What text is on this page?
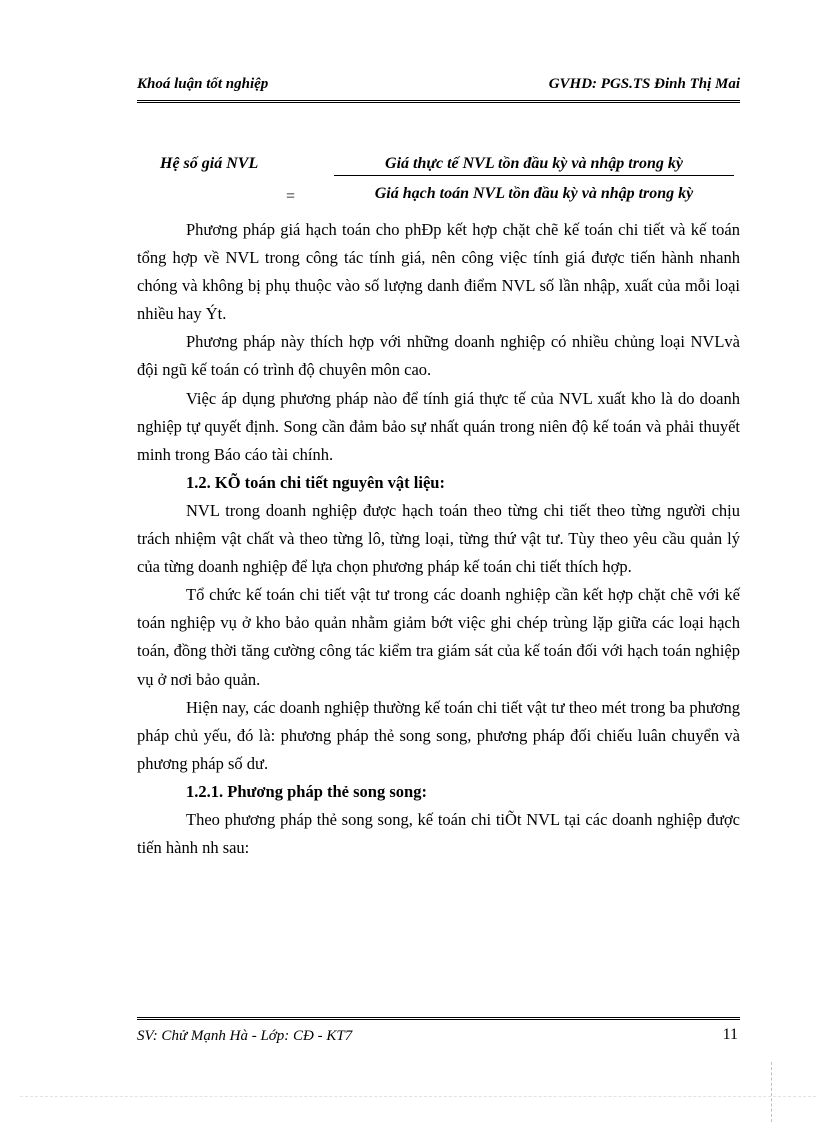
Khoá luận tốt nghiệp	GVHD: PGS.TS Đinh Thị Mai
Hệ số giá NVL	Giá thực tế NVL tồn đầu kỳ và nhập trong kỳ
=	Giá hạch toán NVL tồn đầu kỳ và nhập trong kỳ

Phương pháp giá hạch toán cho phĐp kết hợp chặt chẽ kế toán chi tiết và kế toán tổng hợp về NVL trong công tác tính giá, nên công việc tính giá được tiến hành nhanh chóng và không bị phụ thuộc vào số lượng danh điểm NVL số lần nhập, xuất của mỗi loại nhiều hay Ýt.

Phương pháp này thích hợp với những doanh nghiệp có nhiều chủng loại NVLvà đội ngũ kế toán có trình độ chuyên môn cao.

Việc áp dụng phương pháp nào để tính giá thực tế của NVL xuất kho là do doanh nghiệp tự quyết định. Song cần đảm bảo sự nhất quán trong niên độ kế toán và phải thuyết minh trong Báo cáo tài chính.

1.2. KÕ toán chi tiết nguyên vật liệu:

NVL trong doanh nghiệp được hạch toán theo từng chi tiết theo từng người chịu trách nhiệm vật chất và theo từng lô, từng loại, từng thứ vật tư. Tùy theo yêu cầu quản lý của từng doanh nghiệp để lựa chọn phương pháp kế toán chi tiết thích hợp.

Tổ chức kế toán chi tiết vật tư trong các doanh nghiệp cần kết hợp chặt chẽ với kế toán nghiệp vụ ở kho bảo quản nhằm giảm bớt việc ghi chép trùng lặp giữa các loại hạch toán, đồng thời tăng cường công tác kiểm tra giám sát của kế toán đối với hạch toán nghiệp vụ ở nơi bảo quản.

Hiện nay, các doanh nghiệp thường kế toán chi tiết vật tư theo mét trong ba phương pháp chủ yếu, đó là: phương pháp thẻ song song, phương pháp đối chiếu luân chuyển và phương pháp số dư.

1.2.1. Phương pháp thẻ song song:

Theo phương pháp thẻ song song, kế toán chi tiÕt NVL tại các doanh nghiệp được tiến hành nh sau:

SV: Chử Mạnh Hà - Lớp: CĐ - KT7	11
